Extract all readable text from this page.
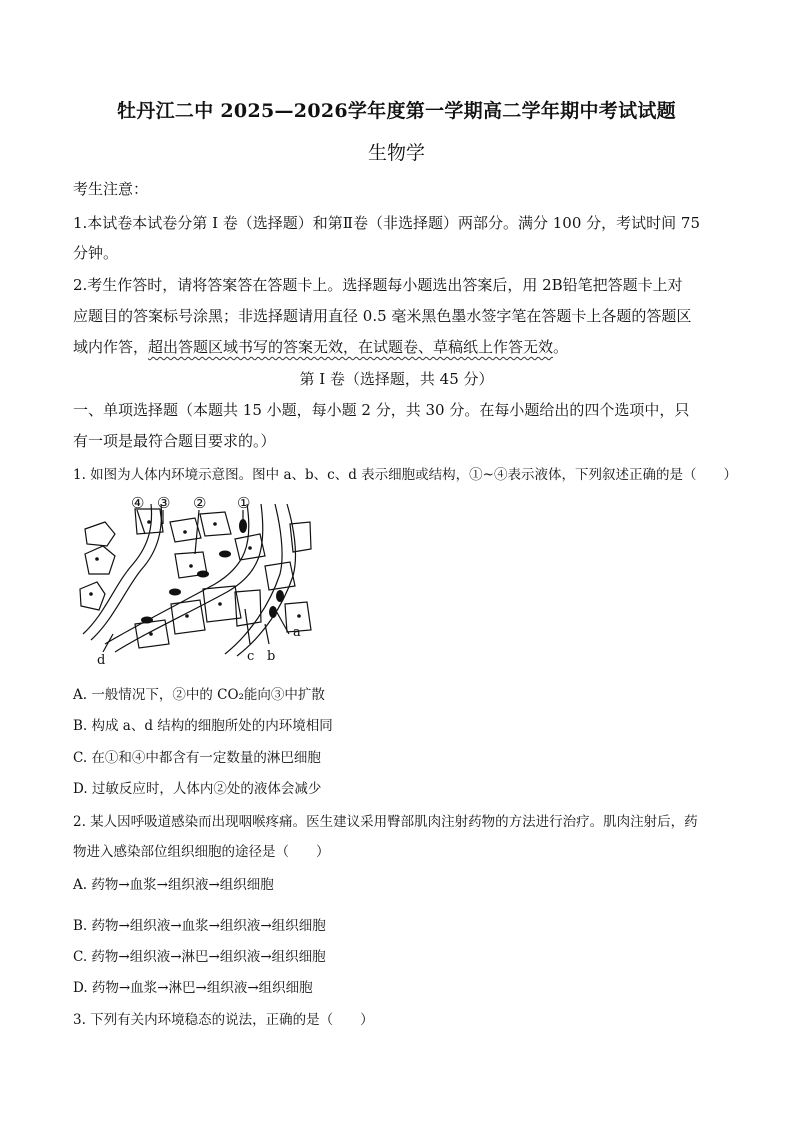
牡丹江二中 2025—2026学年度第一学期高二学年期中考试试题
生物学
考生注意：
1.本试卷本试卷分第 I 卷（选择题）和第Ⅱ卷（非选择题）两部分。满分 100 分，考试时间 75
分钟。
2.考生作答时，请将答案答在答题卡上。选择题每小题选出答案后，用 2B铅笔把答题卡上对
应题目的答案标号涂黑；非选择题请用直径 0.5 毫米黑色墨水签字笔在答题卡上各题的答题区
域内作答，超出答题区域书写的答案无效，在试题卷、草稿纸上作答无效。
第 I 卷（选择题，共 45 分）
一、单项选择题（本题共 15 小题，每小题 2 分，共 30 分。在每小题给出的四个选项中，只
有一项是最符合题目要求的。）
1. 如图为人体内环境示意图。图中 a、b、c、d 表示细胞或结构，①~④表示液体，下列叙述正确的是（　　）
④ ③ ② ①
a
b
c
d
A. 一般情况下，②中的 CO₂能向③中扩散
B. 构成 a、d 结构的细胞所处的内环境相同
C. 在①和④中都含有一定数量的淋巴细胞
D. 过敏反应时，人体内②处的液体会减少
2. 某人因呼吸道感染而出现咽喉疼痛。医生建议采用臀部肌肉注射药物的方法进行治疗。肌肉注射后，药
物进入感染部位组织细胞的途径是（　　）
A. 药物→血浆→组织液→组织细胞
B. 药物→组织液→血浆→组织液→组织细胞
C. 药物→组织液→淋巴→组织液→组织细胞
D. 药物→血浆→淋巴→组织液→组织细胞
3. 下列有关内环境稳态的说法，正确的是（　　）
